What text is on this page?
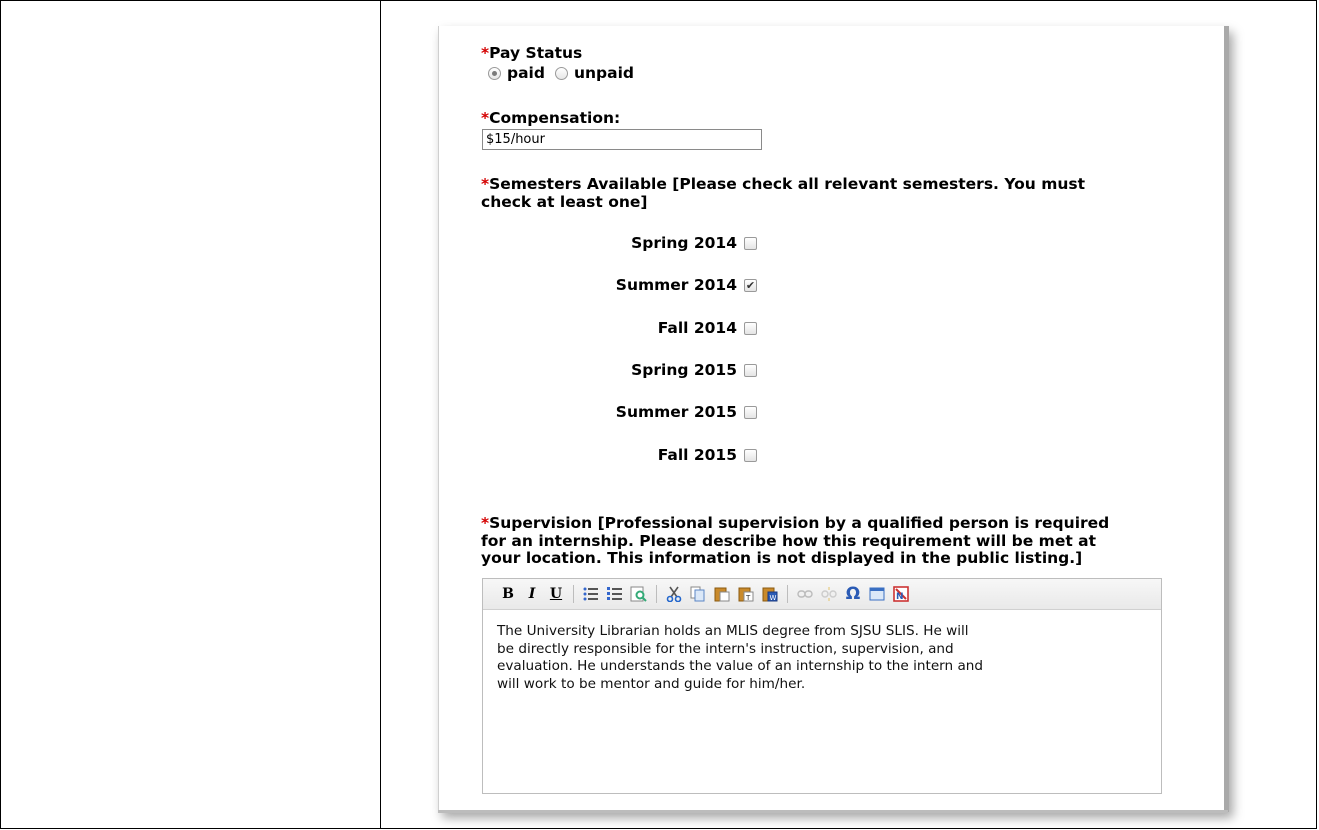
*Pay Status
paid unpaid
*Compensation:
$15/hour
*Semesters Available [Please check all relevant semesters. You must
check at least one]
Spring 2014
Summer 2014 ✔
Fall 2014
Spring 2015
Summer 2015
Fall 2015
*Supervision [Professional supervision by a qualified person is required
for an internship. Please describe how this requirement will be met at
your location. This information is not displayed in the public listing.]
B	I	U	T	W	Ω	N
The University Librarian holds an MLIS degree from SJSU SLIS. He will
be directly responsible for the intern's instruction, supervision, and
evaluation. He understands the value of an internship to the intern and
will work to be mentor and guide for him/her.
